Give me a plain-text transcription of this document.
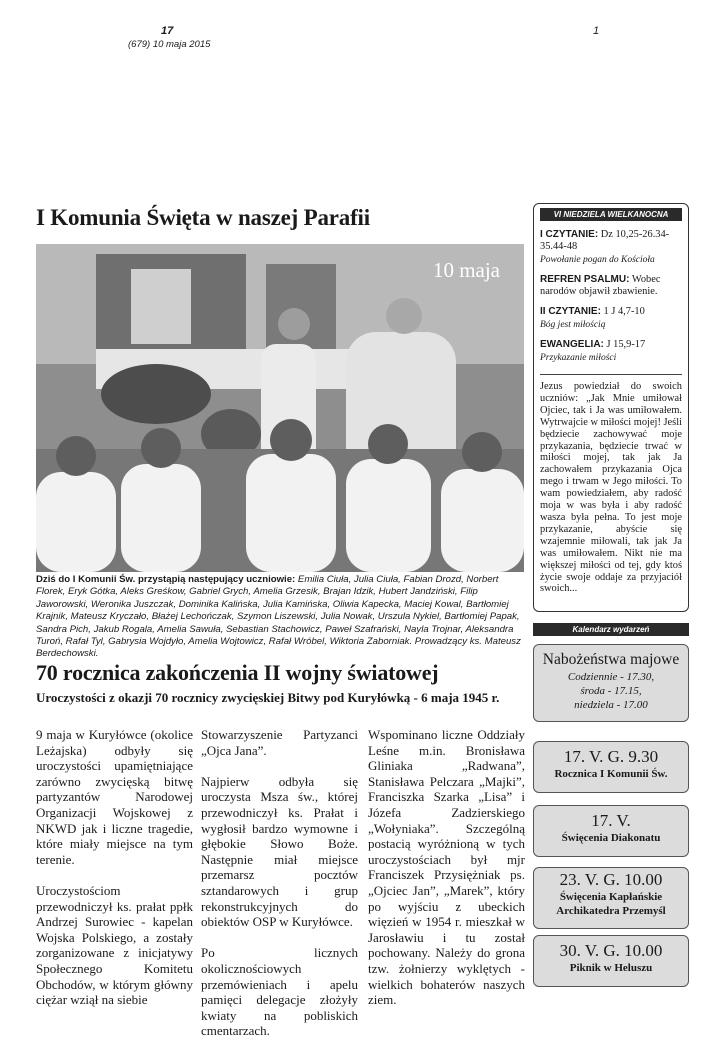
17
(679) 10 maja 2015
1
I Komunia Święta w naszej Parafii
10 maja
Dziś do I Komunii Św. przystąpią następujący uczniowie: Emilia Ciuła, Julia Ciuła, Fabian Drozd, Norbert Florek, Eryk Gótka, Aleks Greśkow, Gabriel Grych, Amelia Grzesik, Brajan Idzik, Hubert Jandziński, Filip Jaworowski, Weronika Juszczak, Dominika Kalińska, Julia Kamińska, Oliwia Kapecka, Maciej Kowal, Bartłomiej Krajnik, Mateusz Kryczało, Błażej Lechończak, Szymon Liszewski, Julia Nowak, Urszula Nykiel, Bartłomiej Papak, Sandra Pich, Jakub Rogala, Amelia Sawuła, Sebastian Stachowicz, Paweł Szafrański, Nayla Trojnar, Aleksandra Turoń, Rafał Tyl, Gabrysia Wojdyło, Amelia Wojtowicz, Rafał Wróbel, Wiktoria Zaborniak. Prowadzący ks. Mateusz Berdechowski.
VI NIEDZIELA WIELKANOCNA
I CZYTANIE: Dz 10,25-26.34-35.44-48
Powołanie pogan do Kościoła
REFREN PSALMU: Wobec narodów objawił zbawienie.
II CZYTANIE: 1 J 4,7-10
Bóg jest miłością
EWANGELIA: J 15,9-17
Przykazanie miłości
Jezus powiedział do swoich uczniów: „Jak Mnie umiłował Ojciec, tak i Ja was umiłowałem. Wytrwajcie w miłości mojej! Jeśli będziecie zachowywać moje przykazania, będziecie trwać w miłości mojej, tak jak Ja zachowałem przykazania Ojca mego i trwam w Jego miłości. To wam powiedziałem, aby radość moja w was była i aby radość wasza była pełna. To jest moje przykazanie, abyście się wzajemnie miłowali, tak jak Ja was umiłowałem. Nikt nie ma większej miłości od tej, gdy ktoś życie swoje oddaje za przyjaciół swoich...
Kalendarz wydarzeń
Nabożeństwa majowe
Codziennie - 17.30,
środa - 17.15,
niedziela - 17.00
17. V. G. 9.30
Rocznica I Komunii Św.
17. V.
Święcenia Diakonatu
23. V. G. 10.00
Święcenia Kapłańskie Archikatedra Przemyśl
30. V. G. 10.00
Piknik w Heluszu
70 rocznica zakończenia II wojny światowej
Uroczystości z okazji 70 rocznicy zwycięskiej Bitwy pod Kuryłówką - 6 maja 1945 r.

9 maja w Kuryłówce (okolice Leżajska) odbyły się uroczystości upamiętniające zarówno zwycięską bitwę partyzantów Narodowej Organizacji Wojskowej z NKWD jak i liczne tragedie, które miały miejsce na tym terenie.

Uroczystościom przewodniczył ks. prałat ppłk Andrzej Surowiec - kapelan Wojska Polskiego, a zostały zorganizowane z inicjatywy Społecznego Komitetu Obchodów, w którym główny ciężar wziął na siebie

Stowarzyszenie Partyzanci „Ojca Jana”.

Najpierw odbyła się uroczystа Msza św., której przewodniczył ks. Prałat i wygłosił bardzo wymowne i głębokie Słowo Boże. Następnie miał miejsce przemarsz pocztów sztandarowych i grup rekonstrukcyjnych do obiektów OSP w Kuryłówce.

Po licznych okolicznościowych przemówieniach i apelu pamięci delegacje złożyły kwiaty na pobliskich cmentarzach.

Wspominano liczne Oddziały Leśne m.in. Bronisława Gliniaka „Radwana”, Stanisława Pelczara „Majki”, Franciszka Szarka „Lisa” i Józefa Zadzierskiego „Wołyniaka”. Szczególną postacią wyróżnioną w tych uroczystościach był mjr Franciszek Przysiężniak ps.„Ojciec Jan”, „Marek”, który po wyjściu z ubeckich więzień w 1954 r. mieszkał w Jarosławiu i tu został pochowany. Należy do grona tzw. żołnierzy wyklętych - wielkich bohaterów naszych ziem.
